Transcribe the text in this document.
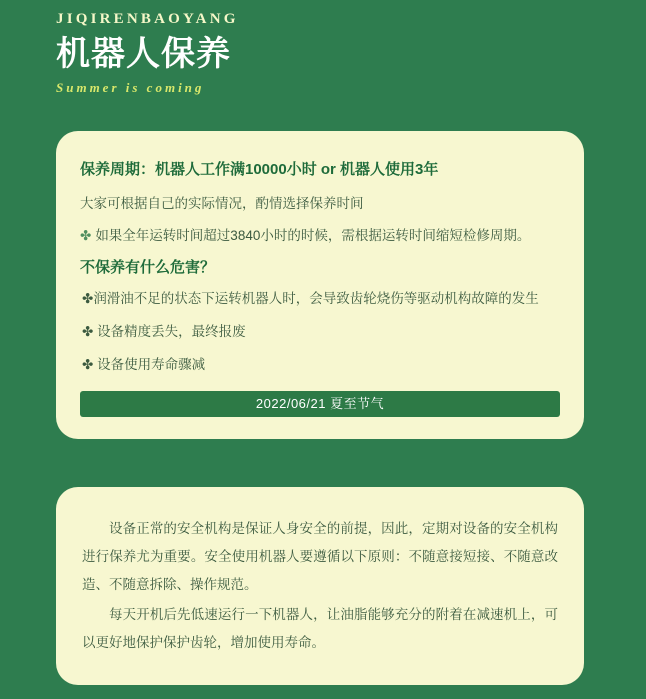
JIQIRENBAOYANG
机器人保养
Summer is coming

保养周期：机器人工作满10000小时 or 机器人使用3年

大家可根据自己的实际情况，酌情选择保养时间

✤ 如果全年运转时间超过3840小时的时候，需根据运转时间缩短检修周期。

不保养有什么危害？

✤润滑油不足的状态下运转机器人时，会导致齿轮烧伤等驱动机构故障的发生

✤ 设备精度丢失，最终报废

✤ 设备使用寿命骤减

2022/06/21 夏至节气

设备正常的安全机构是保证人身安全的前提，因此，定期对设备的安全机构进行保养尤为重要。安全使用机器人要遵循以下原则：不随意接短接、不随意改造、不随意拆除、操作规范。

每天开机后先低速运行一下机器人，让油脂能够充分的附着在减速机上，可以更好地保护保护齿轮，增加使用寿命。
